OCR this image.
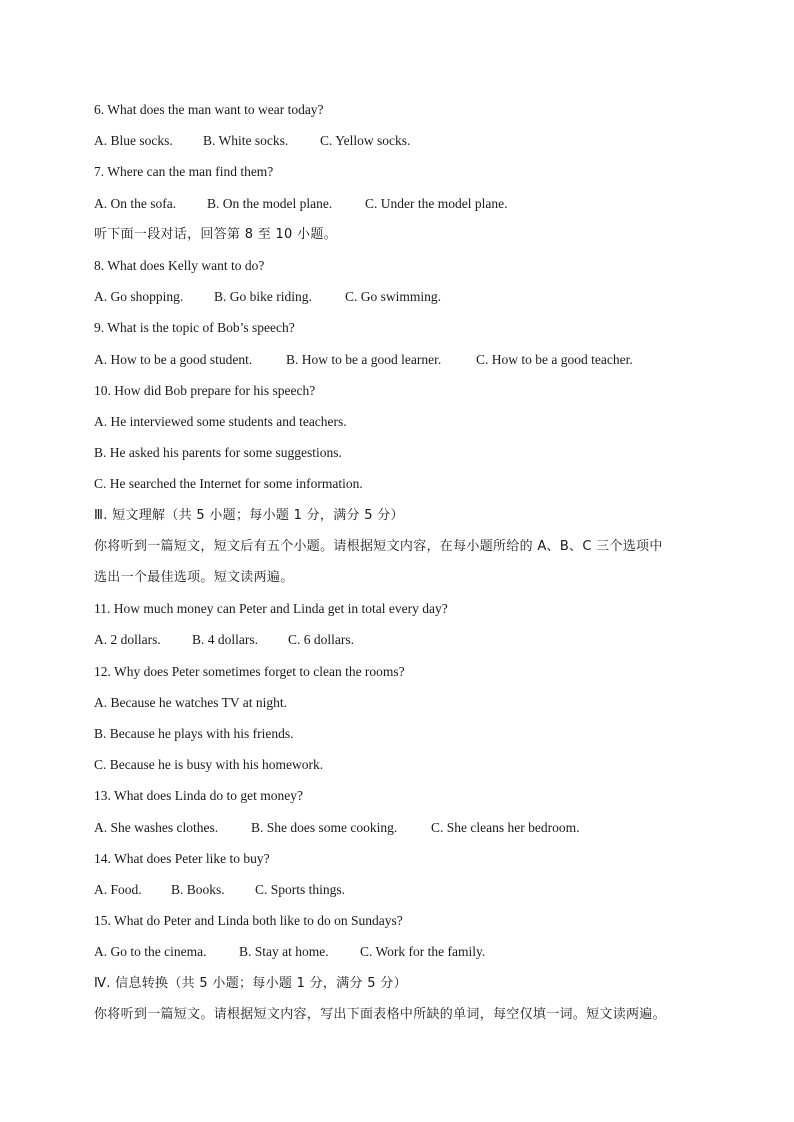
6. What does the man want to wear today?
A. Blue socks. B. White socks. C. Yellow socks.
7. Where can the man find them?
A. On the sofa. B. On the model plane. C. Under the model plane.
听下面一段对话，回答第 8 至 10 小题。
8. What does Kelly want to do?
A. Go shopping. B. Go bike riding. C. Go swimming.
9. What is the topic of Bob’s speech?
A. How to be a good student.	B. How to be a good learner.	C. How to be a good teacher.
10. How did Bob prepare for his speech?
A. He interviewed some students and teachers.
B. He asked his parents for some suggestions.
C. He searched the Internet for some information.
Ⅲ. 短文理解（共 5 小题；每小题 1 分，满分 5 分）
你将听到一篇短文，短文后有五个小题。请根据短文内容，在每小题所给的 A、B、C 三个选项中
选出一个最佳选项。短文读两遍。
11. How much money can Peter and Linda get in total every day?
A. 2 dollars. B. 4 dollars. C. 6 dollars.
12. Why does Peter sometimes forget to clean the rooms?
A. Because he watches TV at night.
B. Because he plays with his friends.
C. Because he is busy with his homework.
13. What does Linda do to get money?
A. She washes clothes. B. She does some cooking.	C. She cleans her bedroom.
14. What does Peter like to buy?
A. Food. B. Books. C. Sports things.
15. What do Peter and Linda both like to do on Sundays?
A. Go to the cinema. B. Stay at home. C. Work for the family.
Ⅳ. 信息转换（共 5 小题；每小题 1 分，满分 5 分）
你将听到一篇短文。请根据短文内容，写出下面表格中所缺的单词，每空仅填一词。短文读两遍。
